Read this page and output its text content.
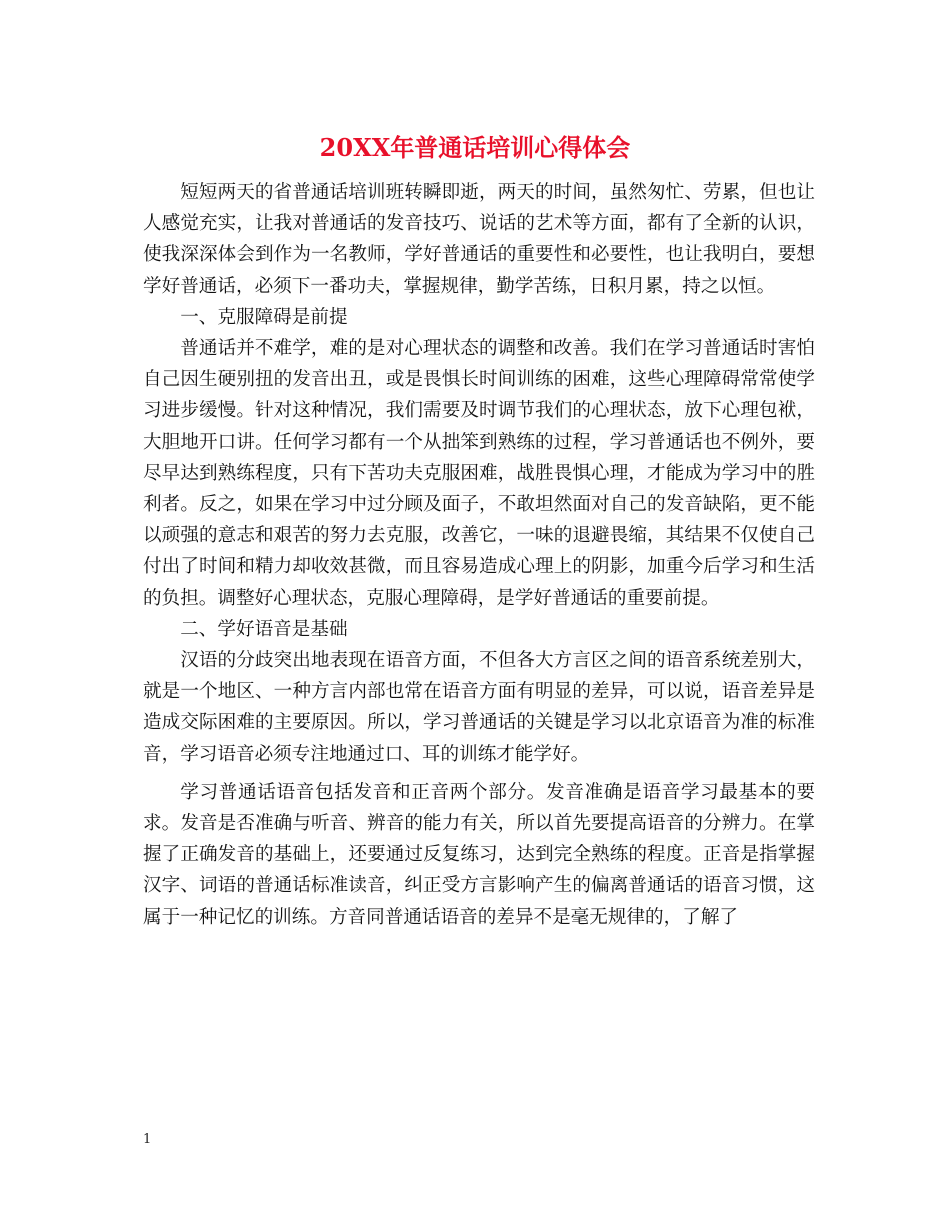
20XX年普通话培训心得体会

短短两天的省普通话培训班转瞬即逝，两天的时间，虽然匆忙、劳累，但也让人感觉充实，让我对普通话的发音技巧、说话的艺术等方面，都有了全新的认识，使我深深体会到作为一名教师，学好普通话的重要性和必要性，也让我明白，要想学好普通话，必须下一番功夫，掌握规律，勤学苦练，日积月累，持之以恒。

一、克服障碍是前提

普通话并不难学，难的是对心理状态的调整和改善。我们在学习普通话时害怕自己因生硬别扭的发音出丑，或是畏惧长时间训练的困难，这些心理障碍常常使学习进步缓慢。针对这种情况，我们需要及时调节我们的心理状态，放下心理包袱，大胆地开口讲。任何学习都有一个从拙笨到熟练的过程，学习普通话也不例外，要尽早达到熟练程度，只有下苦功夫克服困难，战胜畏惧心理，才能成为学习中的胜利者。反之，如果在学习中过分顾及面子，不敢坦然面对自己的发音缺陷，更不能以顽强的意志和艰苦的努力去克服，改善它，一味的退避畏缩，其结果不仅使自己付出了时间和精力却收效甚微，而且容易造成心理上的阴影，加重今后学习和生活的负担。调整好心理状态，克服心理障碍，是学好普通话的重要前提。

二、学好语音是基础

汉语的分歧突出地表现在语音方面，不但各大方言区之间的语音系统差别大，就是一个地区、一种方言内部也常在语音方面有明显的差异，可以说，语音差异是造成交际困难的主要原因。所以，学习普通话的关键是学习以北京语音为准的标准音，学习语音必须专注地通过口、耳的训练才能学好。

学习普通话语音包括发音和正音两个部分。发音准确是语音学习最基本的要求。发音是否准确与听音、辨音的能力有关，所以首先要提高语音的分辨力。在掌握了正确发音的基础上，还要通过反复练习，达到完全熟练的程度。正音是指掌握汉字、词语的普通话标准读音，纠正受方言影响产生的偏离普通话的语音习惯，这属于一种记忆的训练。方音同普通话语音的差异不是毫无规律的，了解了

1
